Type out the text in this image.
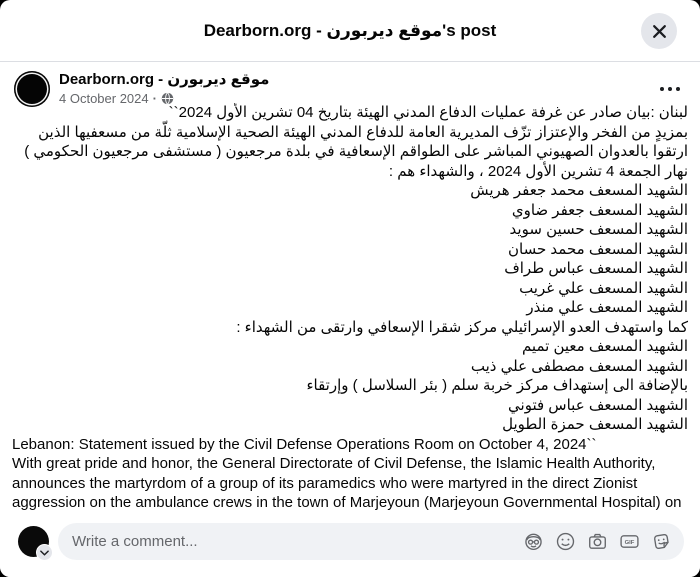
Dearborn.org - موقع ديربورن's post
Dearborn.org - موقع ديربورن
4 October 2024 ·
لبنان :بيان صادر عن غرفة عمليات الدفاع المدني الهيئة بتاريخ 04 تشرين الأول 2024``
بمزيدٍ من الفخر والإعتزاز تزّف المديرية العامة للدفاع المدني الهيئة الصحية الإسلامية ثلّة من مسعفيها الذين
ارتقوا بالعدوان الصهيوني المباشر على الطواقم الإسعافية في بلدة مرجعيون ( مستشفى مرجعيون الحكومي )
نهار الجمعة 4 تشرين الأول 2024 ، والشهداء هم :
الشهيد المسعف محمد جعفر هريش
الشهيد المسعف جعفر ضاوي
الشهيد المسعف حسين سويد
الشهيد المسعف محمد حسان
الشهيد المسعف عباس طراف
الشهيد المسعف علي غريب
الشهيد المسعف علي منذر
كما واستهدف العدو الإسرائيلي مركز شقرا الإسعافي وارتقى من الشهداء :
الشهيد المسعف معين تميم
الشهيد المسعف مصطفى علي ذيب
بالإضافة الى إستهداف مركز خربة سلم ( بئر السلاسل ) وإرتقاء
الشهيد المسعف عباس فتوني
الشهيد المسعف حمزة الطويل
Lebanon: Statement issued by the Civil Defense Operations Room on October 4, 2024``
With great pride and honor, the General Directorate of Civil Defense, the Islamic Health Authority,
announces the martyrdom of a group of its paramedics who were martyred in the direct Zionist
aggression on the ambulance crews in the town of Marjeyoun (Marjeyoun Governmental Hospital) on
Write a comment...	GIF
